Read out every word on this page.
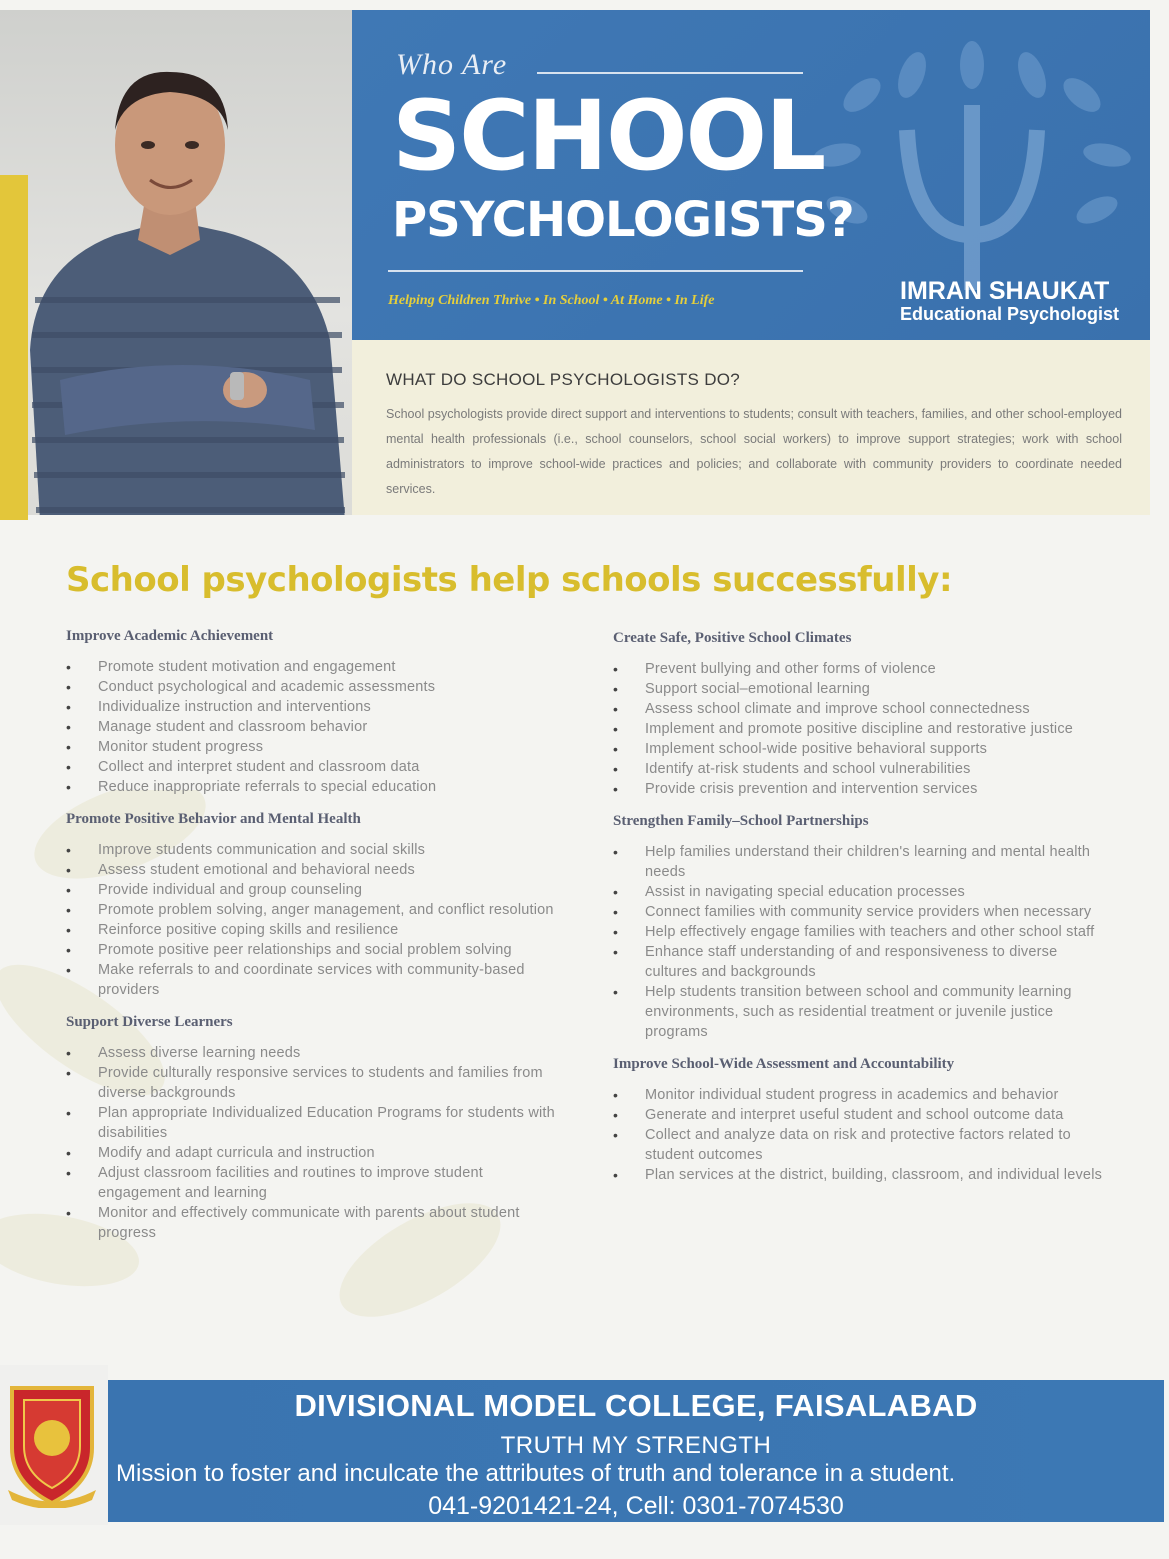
Who Are
SCHOOL
PSYCHOLOGISTS?
Helping Children Thrive • In School • At Home • In Life	IMRAN SHAUKAT
Educational Psychologist
WHAT DO SCHOOL PSYCHOLOGISTS DO?
School psychologists provide direct support and interventions to students; consult with teachers, families, and other school-employed mental health professionals (i.e., school counselors, school social workers) to improve support strategies; work with school administrators to improve school-wide practices and policies; and collaborate with community providers to coordinate needed services.
School psychologists help schools successfully:
Improve Academic Achievement
• Promote student motivation and engagement
• Conduct psychological and academic assessments
• Individualize instruction and interventions
• Manage student and classroom behavior
• Monitor student progress
• Collect and interpret student and classroom data
• Reduce inappropriate referrals to special education
Promote Positive Behavior and Mental Health
• Improve students communication and social skills
• Assess student emotional and behavioral needs
• Provide individual and group counseling
• Promote problem solving, anger management, and conflict resolution
• Reinforce positive coping skills and resilience
• Promote positive peer relationships and social problem solving
• Make referrals to and coordinate services with community-based providers
Support Diverse Learners
• Assess diverse learning needs
• Provide culturally responsive services to students and families from diverse backgrounds
• Plan appropriate Individualized Education Programs for students with disabilities
• Modify and adapt curricula and instruction
• Adjust classroom facilities and routines to improve student engagement and learning
• Monitor and effectively communicate with parents about student progress
Create Safe, Positive School Climates
• Prevent bullying and other forms of violence
• Support social–emotional learning
• Assess school climate and improve school connectedness
• Implement and promote positive discipline and restorative justice
• Implement school-wide positive behavioral supports
• Identify at-risk students and school vulnerabilities
• Provide crisis prevention and intervention services
Strengthen Family–School Partnerships
• Help families understand their children's learning and mental health needs
• Assist in navigating special education processes
• Connect families with community service providers when necessary
• Help effectively engage families with teachers and other school staff
• Enhance staff understanding of and responsiveness to diverse cultures and backgrounds
• Help students transition between school and community learning environments, such as residential treatment or juvenile justice programs
Improve School-Wide Assessment and Accountability
• Monitor individual student progress in academics and behavior
• Generate and interpret useful student and school outcome data
• Collect and analyze data on risk and protective factors related to student outcomes
• Plan services at the district, building, classroom, and individual levels
DIVISIONAL MODEL COLLEGE, FAISALABAD
TRUTH MY STRENGTH
Mission to foster and inculcate the attributes of truth and tolerance in a student.
041-9201421-24, Cell: 0301-7074530
